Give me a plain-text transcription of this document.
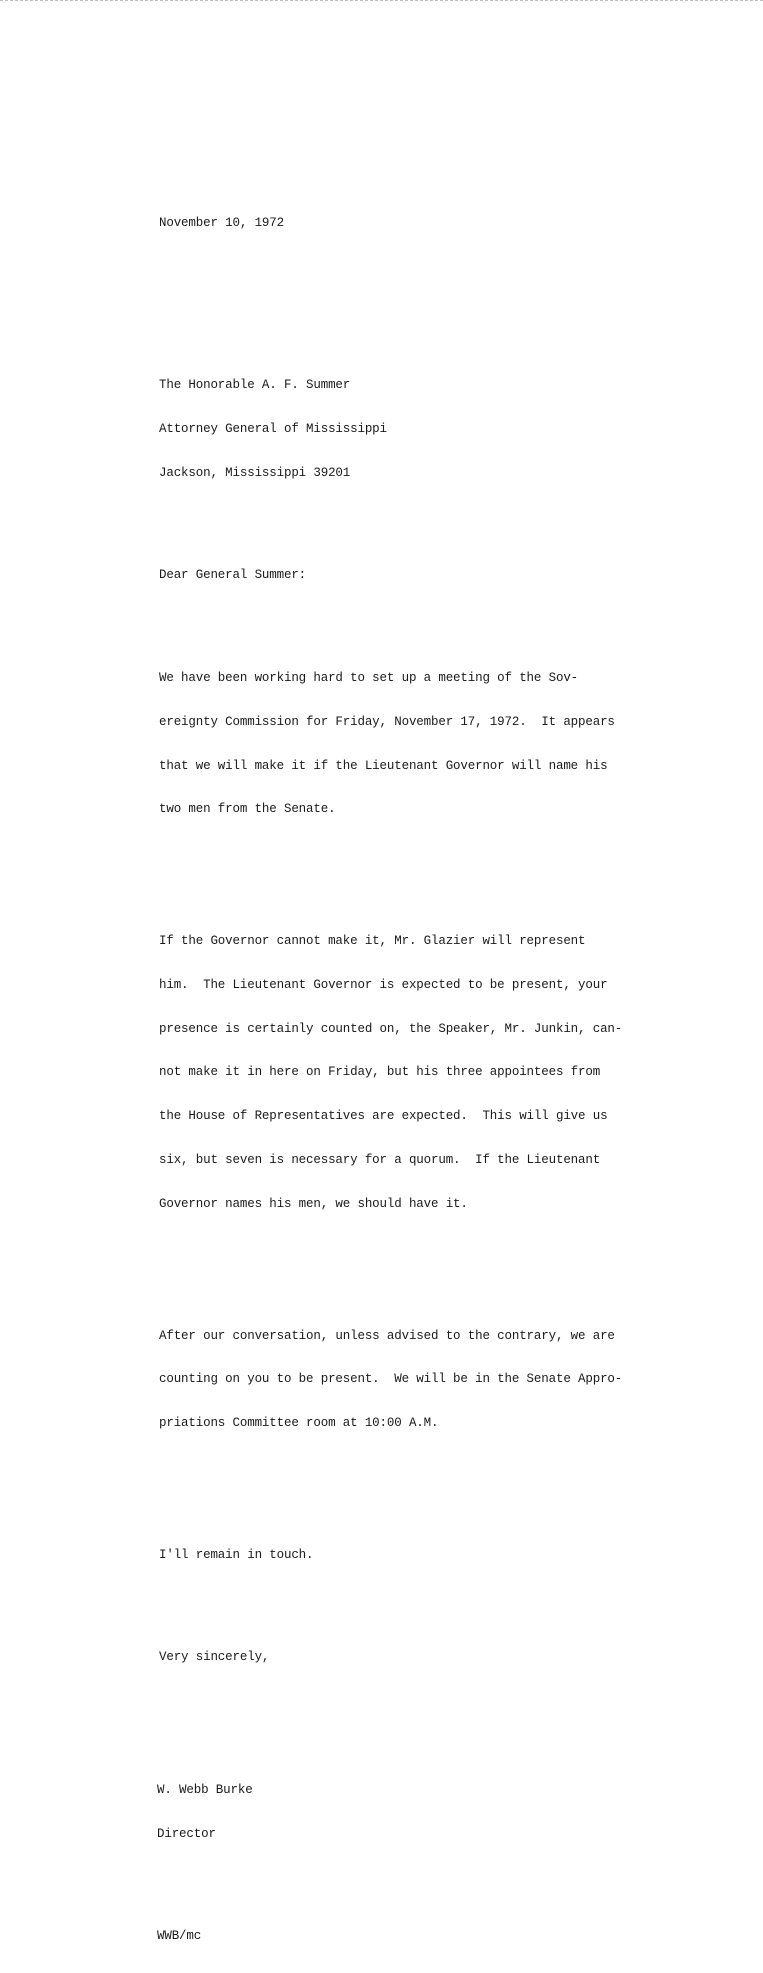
November 10, 1972

The Honorable A. F. Summer

Attorney General of Mississippi

Jackson, Mississippi 39201

Dear General Summer:

We have been working hard to set up a meeting of the Sov-

ereignty Commission for Friday, November 17, 1972.  It appears

that we will make it if the Lieutenant Governor will name his

two men from the Senate.

If the Governor cannot make it, Mr. Glazier will represent

him.  The Lieutenant Governor is expected to be present, your

presence is certainly counted on, the Speaker, Mr. Junkin, can-

not make it in here on Friday, but his three appointees from

the House of Representatives are expected.  This will give us

six, but seven is necessary for a quorum.  If the Lieutenant

Governor names his men, we should have it.

After our conversation, unless advised to the contrary, we are

counting on you to be present.  We will be in the Senate Appro-

priations Committee room at 10:00 A.M.

I'll remain in touch.

Very sincerely,

W. Webb Burke

Director

WWB/mc
